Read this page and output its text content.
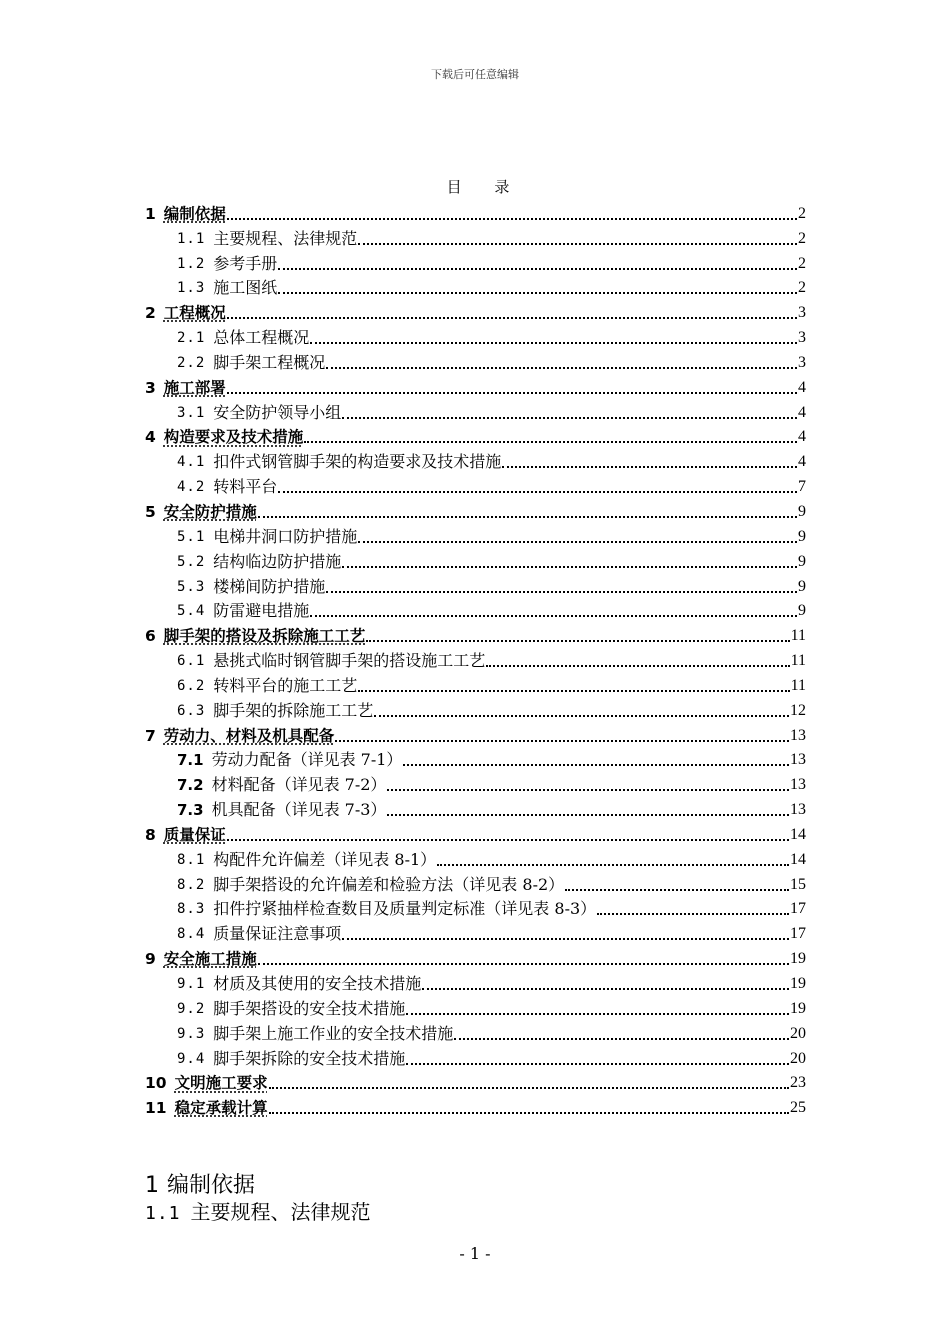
下载后可任意编辑
目 录
1 编制依据	2
1.1 主要规程、法律规范	2
1.2 参考手册	2
1.3 施工图纸	2
2 工程概况	3
2.1 总体工程概况	3
2.2 脚手架工程概况	3
3 施工部署	4
3.1 安全防护领导小组	4
4 构造要求及技术措施	4
4.1 扣件式钢管脚手架的构造要求及技术措施	4
4.2 转料平台	7
5 安全防护措施	9
5.1 电梯井洞口防护措施	9
5.2 结构临边防护措施	9
5.3 楼梯间防护措施	9
5.4 防雷避电措施	9
6 脚手架的搭设及拆除施工工艺	11
6.1 悬挑式临时钢管脚手架的搭设施工工艺	11
6.2 转料平台的施工工艺	11
6.3 脚手架的拆除施工工艺	12
7 劳动力、材料及机具配备	13
7.1 劳动力配备（详见表 7-1）	13
7.2 材料配备（详见表 7-2）	13
7.3 机具配备（详见表 7-3）	13
8 质量保证	14
8.1 构配件允许偏差（详见表 8-1）	14
8.2 脚手架搭设的允许偏差和检验方法（详见表 8-2）	15
8.3 扣件拧紧抽样检查数目及质量判定标准（详见表 8-3）	17
8.4 质量保证注意事项	17
9 安全施工措施	19
9.1 材质及其使用的安全技术措施	19
9.2 脚手架搭设的安全技术措施	19
9.3 脚手架上施工作业的安全技术措施	20
9.4 脚手架拆除的安全技术措施	20
10 文明施工要求	23
11 稳定承载计算	25
1 编制依据
1.1 主要规程、法律规范
- 1 -
